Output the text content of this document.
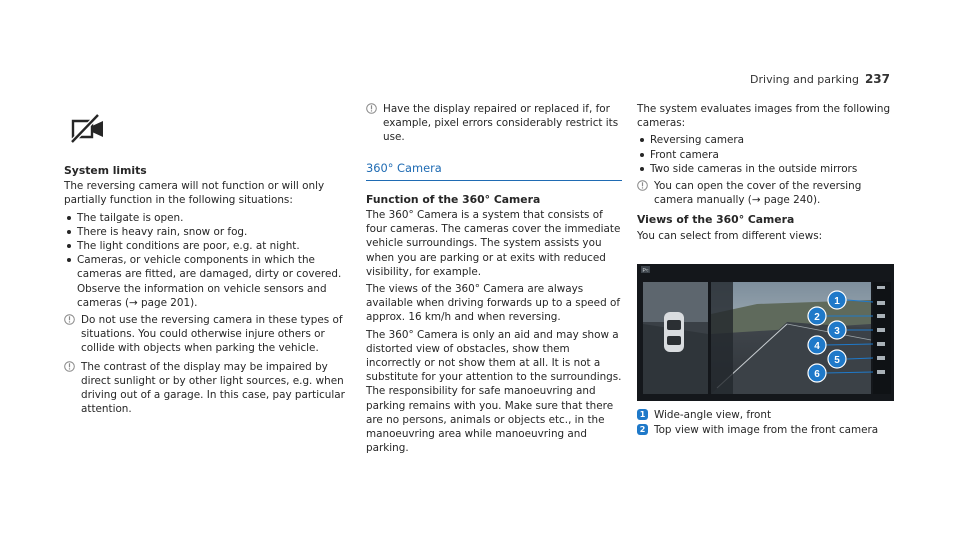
Driving and parking 237
System limits

The reversing camera will not function or will only partially function in the following situations:

The tailgate is open.
There is heavy rain, snow or fog.
The light conditions are poor, e.g. at night.
Cameras, or vehicle components in which the cameras are fitted, are damaged, dirty or covered. Observe the information on vehicle sensors and cameras (→ page 201).
Do not use the reversing camera in these types of situations. You could otherwise injure others or collide with objects when parking the vehicle.
The contrast of the display may be impaired by direct sunlight or by other light sources, e.g. when driving out of a garage. In this case, pay particular attention.
Have the display repaired or replaced if, for example, pixel errors considerably restrict its use.
360° Camera
Function of the 360° Camera

The 360° Camera is a system that consists of four cameras. The cameras cover the immediate vehicle surroundings. The system assists you when you are parking or at exits with reduced visibility, for example.

The views of the 360° Camera are always available when driving forwards up to a speed of approx. 16 km/h and when reversing.

The 360° Camera is only an aid and may show a distorted view of obstacles, show them incorrectly or not show them at all. It is not a substitute for your attention to the surroundings. The responsibility for safe manoeuvring and parking remains with you. Make sure that there are no persons, animals or objects etc., in the manoeuvring area while manoeuvring and parking.

The system evaluates images from the following cameras:

Reversing camera
Front camera
Two side cameras in the outside mirrors
You can open the cover of the reversing camera manually (→ page 240).
Views of the 360° Camera

You can select from different views:

1
2
3
4
5
6
P≈
1 Wide-angle view, front
2 Top view with image from the front camera
